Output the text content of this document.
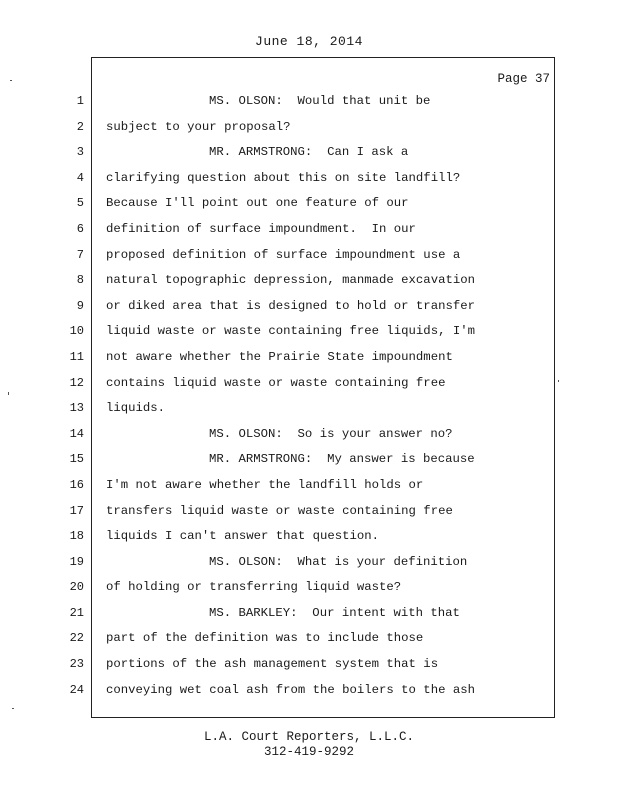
June 18, 2014
Page 37
1
2
3
4
5
6
7
8
9
10
11
12
13
14
15
16
17
18
19
20
21
22
23
24
MS. OLSON:  Would that unit be
subject to your proposal?
MR. ARMSTRONG:  Can I ask a
clarifying question about this on site landfill?
Because I'll point out one feature of our
definition of surface impoundment.  In our
proposed definition of surface impoundment use a
natural topographic depression, manmade excavation
or diked area that is designed to hold or transfer
liquid waste or waste containing free liquids, I'm
not aware whether the Prairie State impoundment
contains liquid waste or waste containing free
liquids.
MS. OLSON:  So is your answer no?
MR. ARMSTRONG:  My answer is because
I'm not aware whether the landfill holds or
transfers liquid waste or waste containing free
liquids I can't answer that question.
MS. OLSON:  What is your definition
of holding or transferring liquid waste?
MS. BARKLEY:  Our intent with that
part of the definition was to include those
portions of the ash management system that is
conveying wet coal ash from the boilers to the ash
L.A. Court Reporters, L.L.C.
312-419-9292
